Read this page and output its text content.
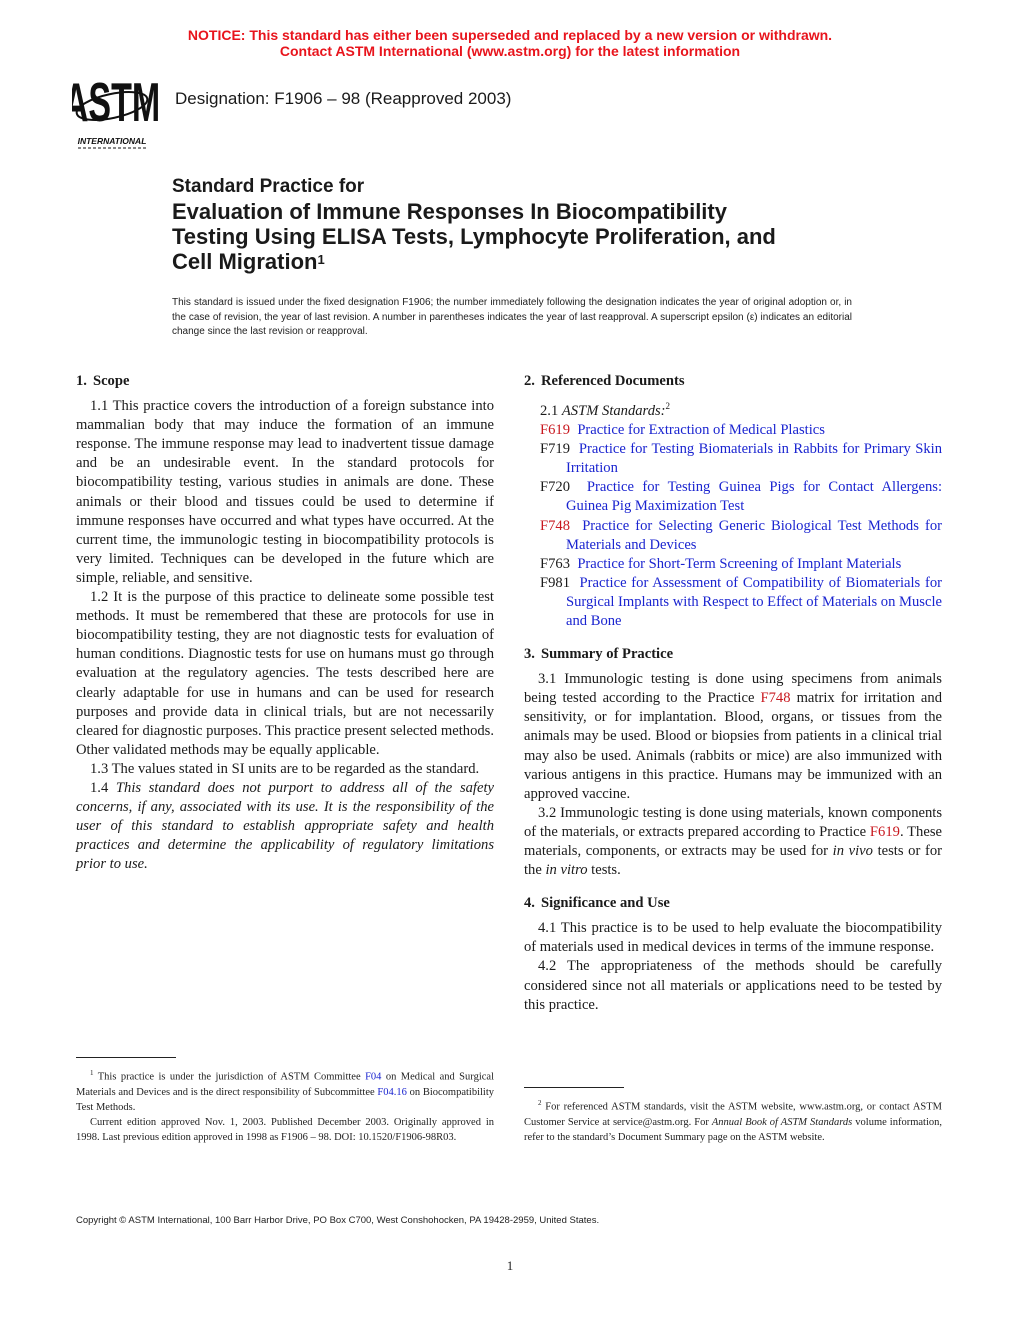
NOTICE: This standard has either been superseded and replaced by a new version or withdrawn.
Contact ASTM International (www.astm.org) for the latest information
ASTM
INTERNATIONAL
Designation: F1906 – 98 (Reapproved 2003)
Standard Practice for
Evaluation of Immune Responses In Biocompatibility
Testing Using ELISA Tests, Lymphocyte Proliferation, and
Cell Migration$^1$
This standard is issued under the fixed designation F1906; the number immediately following the designation indicates the year of original adoption or, in the case of revision, the year of last revision. A number in parentheses indicates the year of last reapproval. A superscript epsilon (ε) indicates an editorial change since the last revision or reapproval.
1. Scope

1.1 This practice covers the introduction of a foreign substance into mammalian body that may induce the formation of an immune response. The immune response may lead to inadvertent tissue damage and be an undesirable event. In the standard protocols for biocompatibility testing, various studies in animals are done. These animals or their blood and tissues could be used to determine if immune responses have occurred and what types have occurred. At the current time, the immunologic testing in biocompatibility protocols is very limited. Techniques can be developed in the future which are simple, reliable, and sensitive.

1.2 It is the purpose of this practice to delineate some possible test methods. It must be remembered that these are protocols for use in biocompatibility testing, they are not diagnostic tests for evaluation of human conditions. Diagnostic tests for use on humans must go through evaluation at the regulatory agencies. The tests described here are clearly adaptable for use in humans and can be used for research purposes and provide data in clinical trials, but are not necessarily cleared for diagnostic purposes. This practice present selected methods. Other validated methods may be equally applicable.

1.3 The values stated in SI units are to be regarded as the standard.

1.4 This standard does not purport to address all of the safety concerns, if any, associated with its use. It is the responsibility of the user of this standard to establish appropriate safety and health practices and determine the applicability of regulatory limitations prior to use.

2. Referenced Documents

2.1 ASTM Standards:$^2$

F619 Practice for Extraction of Medical Plastics

F719 Practice for Testing Biomaterials in Rabbits for Primary Skin Irritation

F720 Practice for Testing Guinea Pigs for Contact Allergens: Guinea Pig Maximization Test

F748 Practice for Selecting Generic Biological Test Methods for Materials and Devices

F763 Practice for Short-Term Screening of Implant Materials

F981 Practice for Assessment of Compatibility of Biomaterials for Surgical Implants with Respect to Effect of Materials on Muscle and Bone

3. Summary of Practice

3.1 Immunologic testing is done using specimens from animals being tested according to the Practice F748 matrix for irritation and sensitivity, or for implantation. Blood, organs, or tissues from the animals may be used. Blood or biopsies from patients in a clinical trial may also be used. Animals (rabbits or mice) are also immunized with various antigens in this practice. Humans may be immunized with an approved vaccine.

3.2 Immunologic testing is done using materials, known components of the materials, or extracts prepared according to Practice F619. These materials, components, or extracts may be used for in vivo tests or for the in vitro tests.

4. Significance and Use

4.1 This practice is to be used to help evaluate the biocompatibility of materials used in medical devices in terms of the immune response.

4.2 The appropriateness of the methods should be carefully considered since not all materials or applications need to be tested by this practice.

$^1$ This practice is under the jurisdiction of ASTM Committee F04 on Medical and Surgical Materials and Devices and is the direct responsibility of Subcommittee F04.16 on Biocompatibility Test Methods.

Current edition approved Nov. 1, 2003. Published December 2003. Originally approved in 1998. Last previous edition approved in 1998 as F1906 – 98. DOI: 10.1520/F1906-98R03.

$^2$ For referenced ASTM standards, visit the ASTM website, www.astm.org, or contact ASTM Customer Service at service@astm.org. For Annual Book of ASTM Standards volume information, refer to the standard’s Document Summary page on the ASTM website.

Copyright © ASTM International, 100 Barr Harbor Drive, PO Box C700, West Conshohocken, PA 19428-2959, United States.
1
